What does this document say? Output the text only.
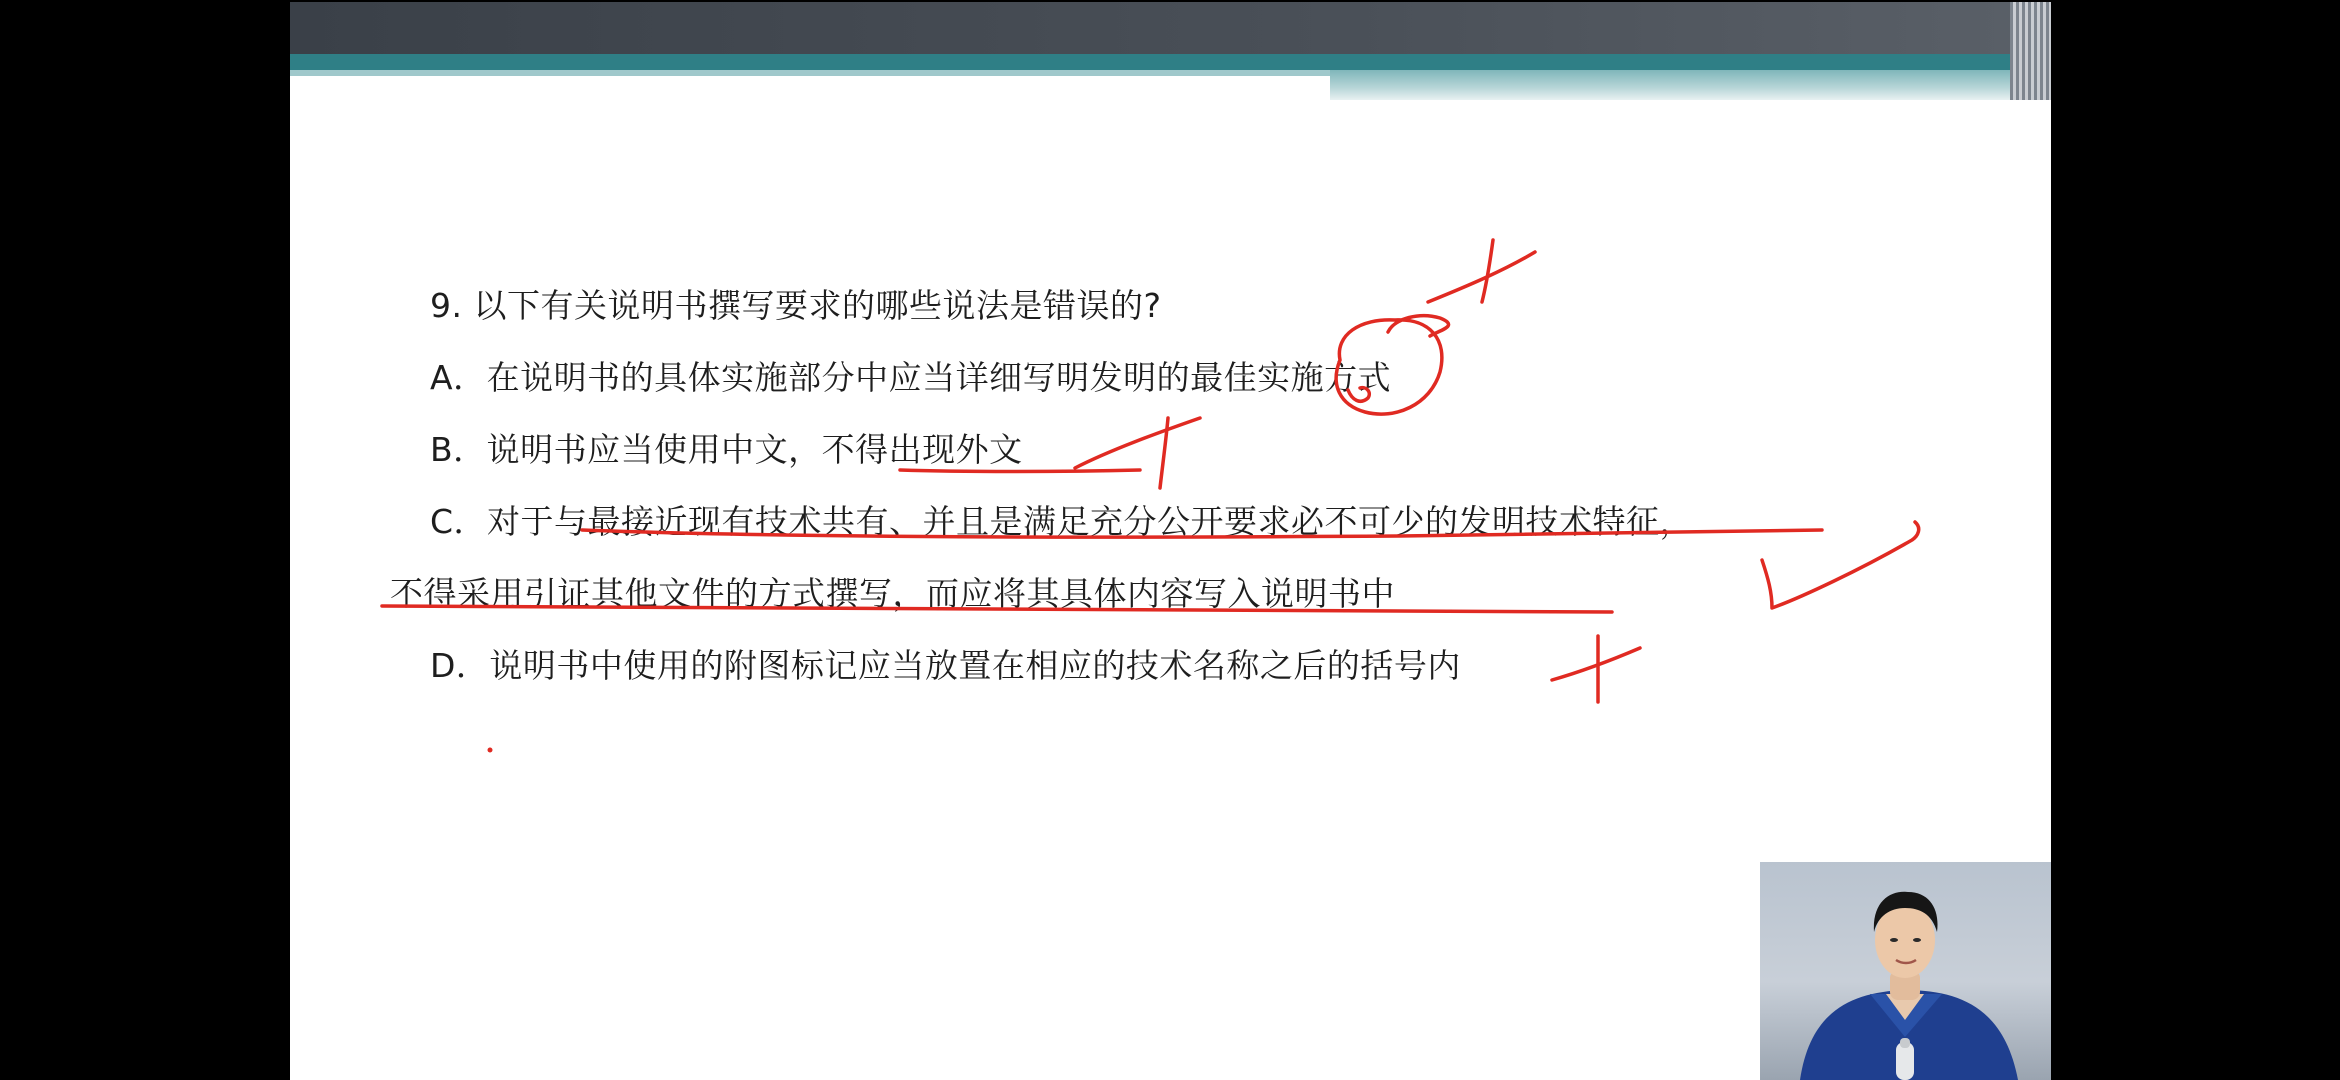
9. 以下有关说明书撰写要求的哪些说法是错误的?
A．在说明书的具体实施部分中应当详细写明发明的最佳实施方式
B．说明书应当使用中文，不得出现外文
C．对于与最接近现有技术共有、并且是满足充分公开要求必不可少的发明技术特征，
不得采用引证其他文件的方式撰写，而应将其具体内容写入说明书中
D．说明书中使用的附图标记应当放置在相应的技术名称之后的括号内
